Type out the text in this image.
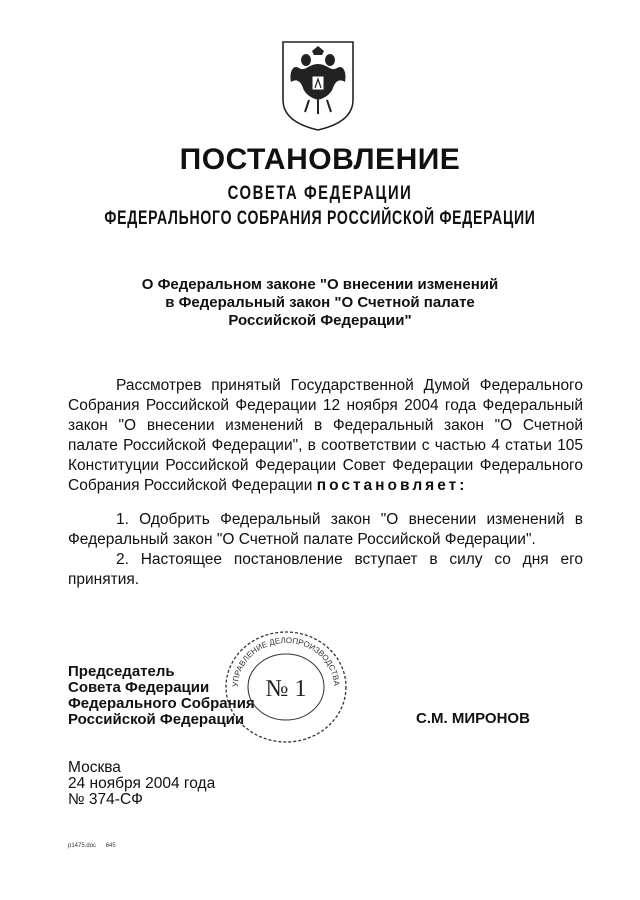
ПОСТАНОВЛЕНИЕ
СОВЕТА ФЕДЕРАЦИИ
ФЕДЕРАЛЬНОГО СОБРАНИЯ РОССИЙСКОЙ ФЕДЕРАЦИИ
О Федеральном законе "О внесении изменений
в Федеральный закон "О Счетной палате
Российской Федерации"

Рассмотрев принятый Государственной Думой Федерального Собрания Российской Федерации 12 ноября 2004 года Федеральный закон "О внесении изменений в Федеральный закон "О Счетной палате Российской Федерации", в соответствии с частью 4 статьи 105 Конституции Российской Федерации Совет Федерации Федерального Собрания Российской Федерации постановляет:

1. Одобрить Федеральный закон "О внесении изменений в Федеральный закон "О Счетной палате Российской Федерации".

2. Настоящее постановление вступает в силу со дня его принятия.

Председатель
Совета Федерации
Федерального Собрания
Российской Федерации
УПРАВЛЕНИЕ ДЕЛОПРОИЗВОДСТВА
№ 1
С.М. МИРОНОВ
Москва
24 ноября 2004 года
№ 374-СФ
p1475.doc 645
